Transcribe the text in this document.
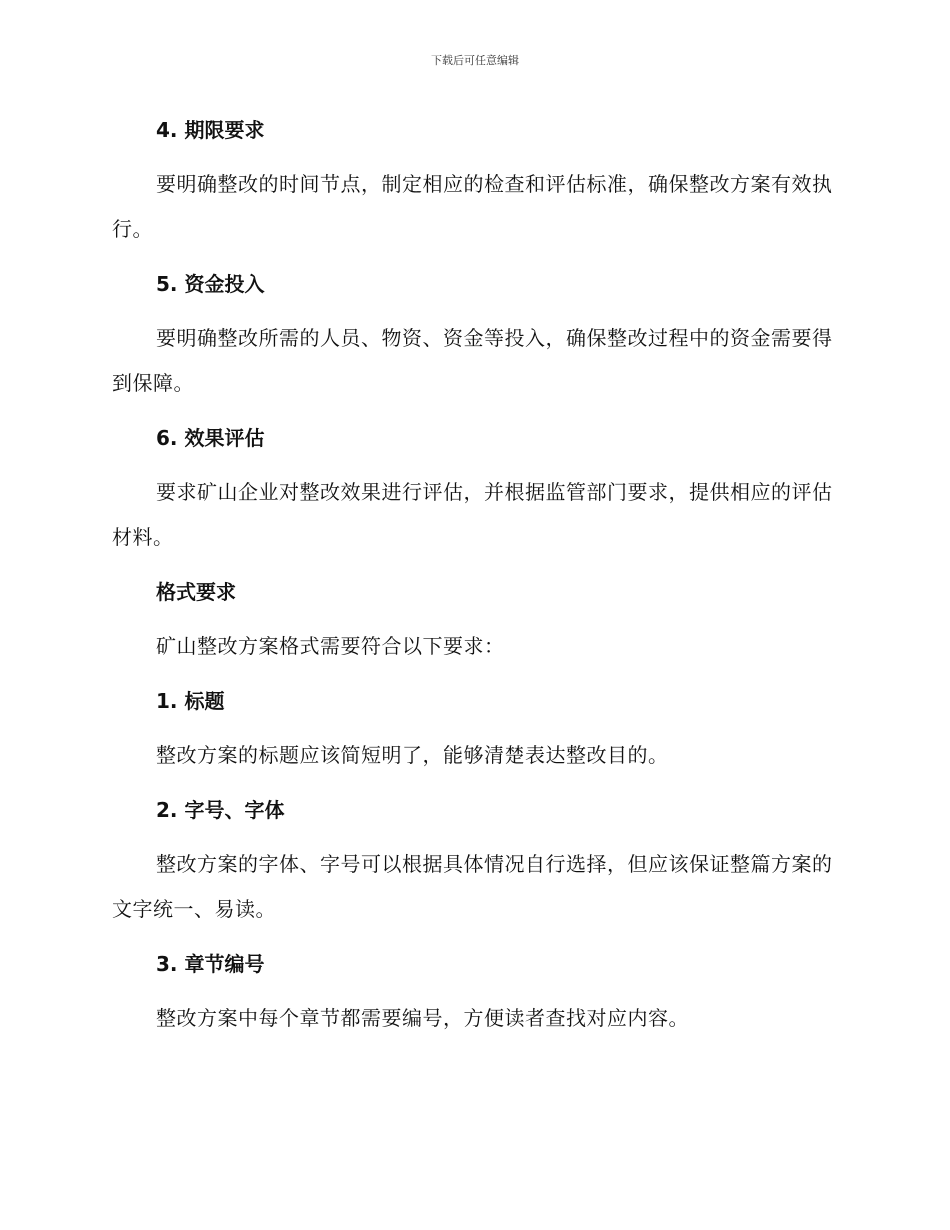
下载后可任意编辑
4. 期限要求

要明确整改的时间节点，制定相应的检查和评估标准，确保整改方案有效执行。

5. 资金投入

要明确整改所需的人员、物资、资金等投入，确保整改过程中的资金需要得到保障。

6. 效果评估

要求矿山企业对整改效果进行评估，并根据监管部门要求，提供相应的评估材料。

格式要求

矿山整改方案格式需要符合以下要求：

1. 标题

整改方案的标题应该简短明了，能够清楚表达整改目的。

2. 字号、字体

整改方案的字体、字号可以根据具体情况自行选择，但应该保证整篇方案的文字统一、易读。

3. 章节编号

整改方案中每个章节都需要编号，方便读者查找对应内容。
